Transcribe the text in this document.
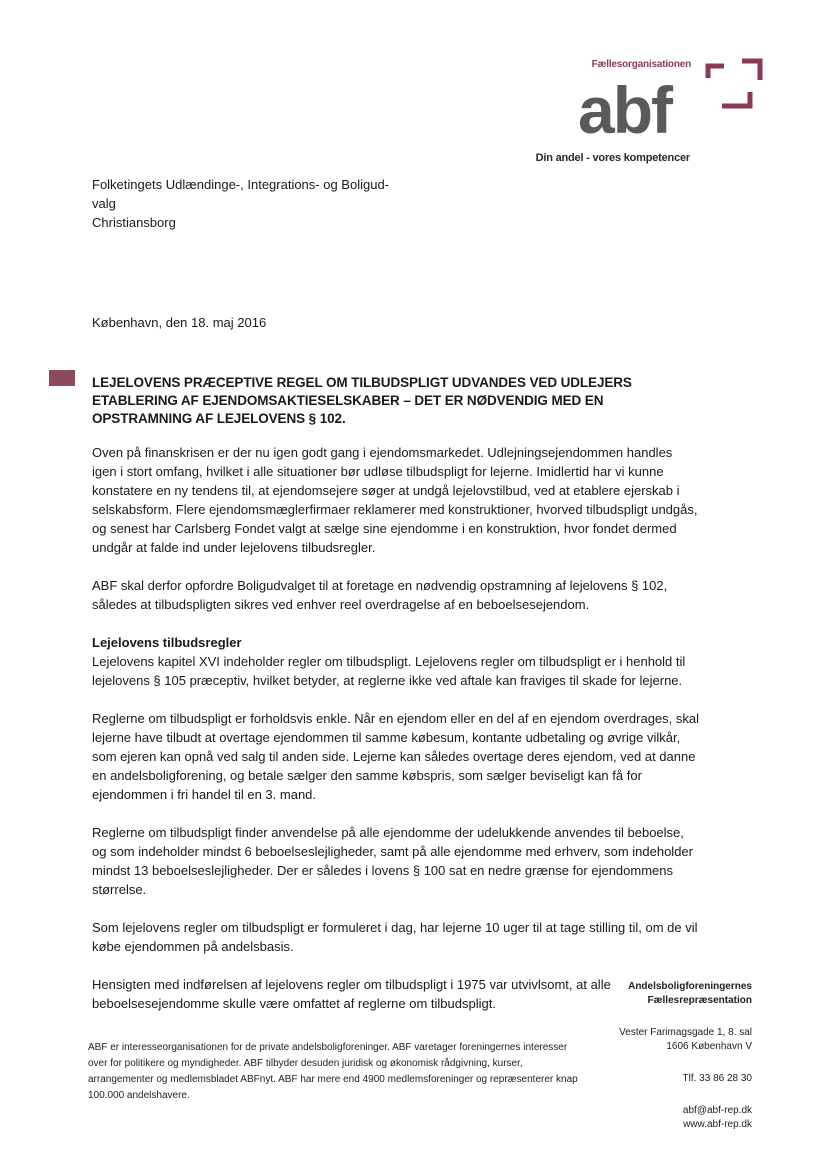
Fællesorganisationen
abf
Din andel - vores kompetencer
Folketingets Udlændinge-, Integrations- og Boligud-
valg
Christiansborg
København, den 18. maj 2016
LEJELOVENS PRÆCEPTIVE REGEL OM TILBUDSPLIGT UDVANDES VED UDLEJERS ETABLERING AF EJENDOMSAKTIESELSKABER – DET ER NØDVENDIG MED EN OPSTRAMNING AF LEJELOVENS § 102.

Oven på finanskrisen er der nu igen godt gang i ejendomsmarkedet. Udlejningsejendommen handles igen i stort omfang, hvilket i alle situationer bør udløse tilbudspligt for lejerne. Imidlertid har vi kunne konstatere en ny tendens til, at ejendomsejere søger at undgå lejelovstilbud, ved at etablere ejerskab i selskabsform. Flere ejendomsmæglerfirmaer reklamerer med konstruktioner, hvorved tilbudspligt undgås, og senest har Carlsberg Fondet valgt at sælge sine ejendomme i en konstruktion, hvor fondet dermed undgår at falde ind under lejelovens tilbudsregler.

ABF skal derfor opfordre Boligudvalget til at foretage en nødvendig opstramning af lejelovens § 102, således at tilbudspligten sikres ved enhver reel overdragelse af en beboelsesejendom.

Lejelovens tilbudsregler

Lejelovens kapitel XVI indeholder regler om tilbudspligt. Lejelovens regler om tilbudspligt er i henhold til lejelovens § 105 præceptiv, hvilket betyder, at reglerne ikke ved aftale kan fraviges til skade for lejerne.

Reglerne om tilbudspligt er forholdsvis enkle. Når en ejendom eller en del af en ejendom overdrages, skal lejerne have tilbudt at overtage ejendommen til samme købesum, kontante udbetaling og øvrige vilkår, som ejeren kan opnå ved salg til anden side. Lejerne kan således overtage deres ejendom, ved at danne en andelsboligforening, og betale sælger den samme købspris, som sælger beviseligt kan få for ejendommen i fri handel til en 3. mand.

Reglerne om tilbudspligt finder anvendelse på alle ejendomme der udelukkende anvendes til beboelse, og som indeholder mindst 6 beboelseslejligheder, samt på alle ejendomme med erhverv, som indeholder mindst 13 beboelseslejligheder. Der er således i lovens § 100 sat en nedre grænse for ejendommens størrelse.

Som lejelovens regler om tilbudspligt er formuleret i dag, har lejerne 10 uger til at tage stilling til, om de vil købe ejendommen på andelsbasis.

Hensigten med indførelsen af lejelovens regler om tilbudspligt i 1975 var utvivlsomt, at alle beboelsesejendomme skulle være omfattet af reglerne om tilbudspligt.

Andelsboligforeningernes
Fællesrepræsentation
Vester Farimagsgade 1, 8. sal
1606 København V
Tlf. 33 86 28 30
abf@abf-rep.dk
www.abf-rep.dk
ABF er interesseorganisationen for de private andelsboligforeninger. ABF varetager foreningernes interesser over for politikere og myndigheder. ABF tilbyder desuden juridisk og økonomisk rådgivning, kurser, arrangementer og medlemsbladet ABFnyt. ABF har mere end 4900 medlemsforeninger og repræsenterer knap 100.000 andelshavere.
